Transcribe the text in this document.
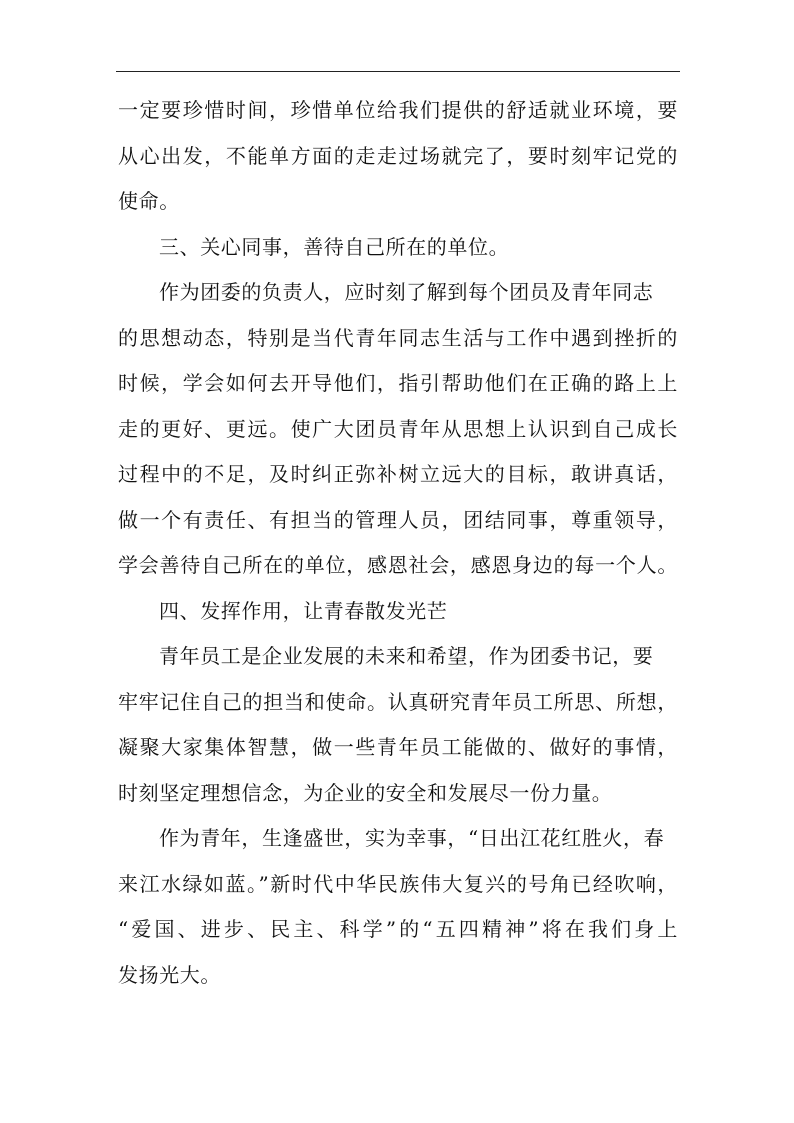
一定要珍惜时间，珍惜单位给我们提供的舒适就业环境，要
从心出发，不能单方面的走走过场就完了，要时刻牢记党的
使命。
三、关心同事，善待自己所在的单位。
作为团委的负责人，应时刻了解到每个团员及青年同志
的思想动态，特别是当代青年同志生活与工作中遇到挫折的
时候，学会如何去开导他们，指引帮助他们在正确的路上上
走的更好、更远。使广大团员青年从思想上认识到自己成长
过程中的不足，及时纠正弥补树立远大的目标，敢讲真话，
做一个有责任、有担当的管理人员，团结同事，尊重领导，
学会善待自己所在的单位，感恩社会，感恩身边的每一个人。
四、发挥作用，让青春散发光芒
青年员工是企业发展的未来和希望，作为团委书记，要
牢牢记住自己的担当和使命。认真研究青年员工所思、所想，
凝聚大家集体智慧，做一些青年员工能做的、做好的事情，
时刻坚定理想信念，为企业的安全和发展尽一份力量。
作为青年，生逢盛世，实为幸事，“日出江花红胜火，春
来江水绿如蓝。”新时代中华民族伟大复兴的号角已经吹响，
“爱国、进步、民主、科学”的“五四精神”将在我们身上
发扬光大。
